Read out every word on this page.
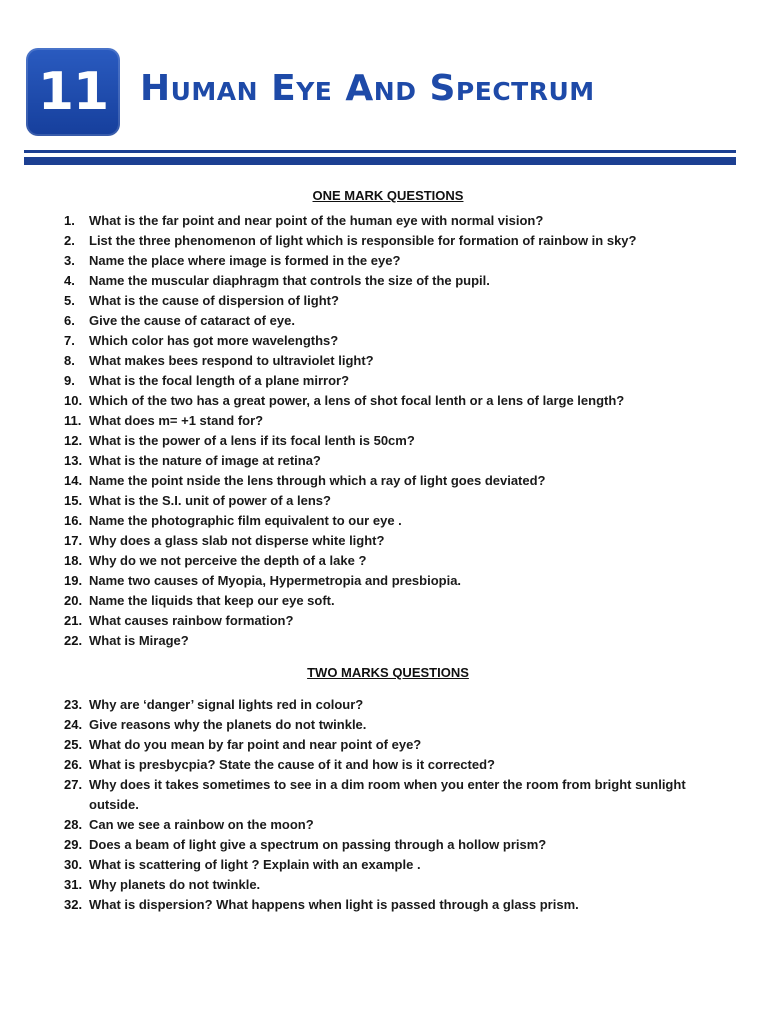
11 Human Eye And Spectrum
ONE MARK QUESTIONS
1.	What is the far point and near point of the human eye with normal vision?
2.	List the three phenomenon of light which is responsible for formation of rainbow in sky?
3.	Name the place where image is formed in the eye?
4.	Name the muscular diaphragm that controls the size of the pupil.
5.	What is the cause of dispersion of light?
6.	Give the cause of cataract of eye.
7.	Which color has got more wavelengths?
8.	What makes bees respond to ultraviolet light?
9.	What is the focal length of a plane mirror?
10. Which of the two has a great power, a lens of shot focal lenth or a lens of large length?
11. What does m= +1 stand for?
12. What is the power of a lens if its focal lenth is 50cm?
13. What is the nature of image at retina?
14. Name the point nside the lens through which a ray of light goes deviated?
15. What is the S.I. unit of power of a lens?
16. Name the photographic film equivalent to our eye .
17. Why does a glass slab not disperse white light?
18. Why do we not perceive the depth of a lake ?
19. Name two causes of Myopia, Hypermetropia and presbiopia.
20. Name the liquids that keep our eye soft.
21. What causes rainbow formation?
22. What is Mirage?
TWO MARKS QUESTIONS
23. Why are ‘danger’ signal lights red in colour?
24. Give reasons why the planets do not twinkle.
25. What do you mean by far point and near point of eye?
26. What is presbycpia? State the cause of it and how is it corrected?
27. Why does it takes sometimes to see in a dim room when you enter the room from bright sunlight outside.
28. Can we see a rainbow on the moon?
29. Does a beam of light give a spectrum on passing through a hollow prism?
30. What is scattering of light ? Explain with an example .
31. Why planets do not twinkle.
32. What is dispersion? What happens when light is passed through a glass prism.
